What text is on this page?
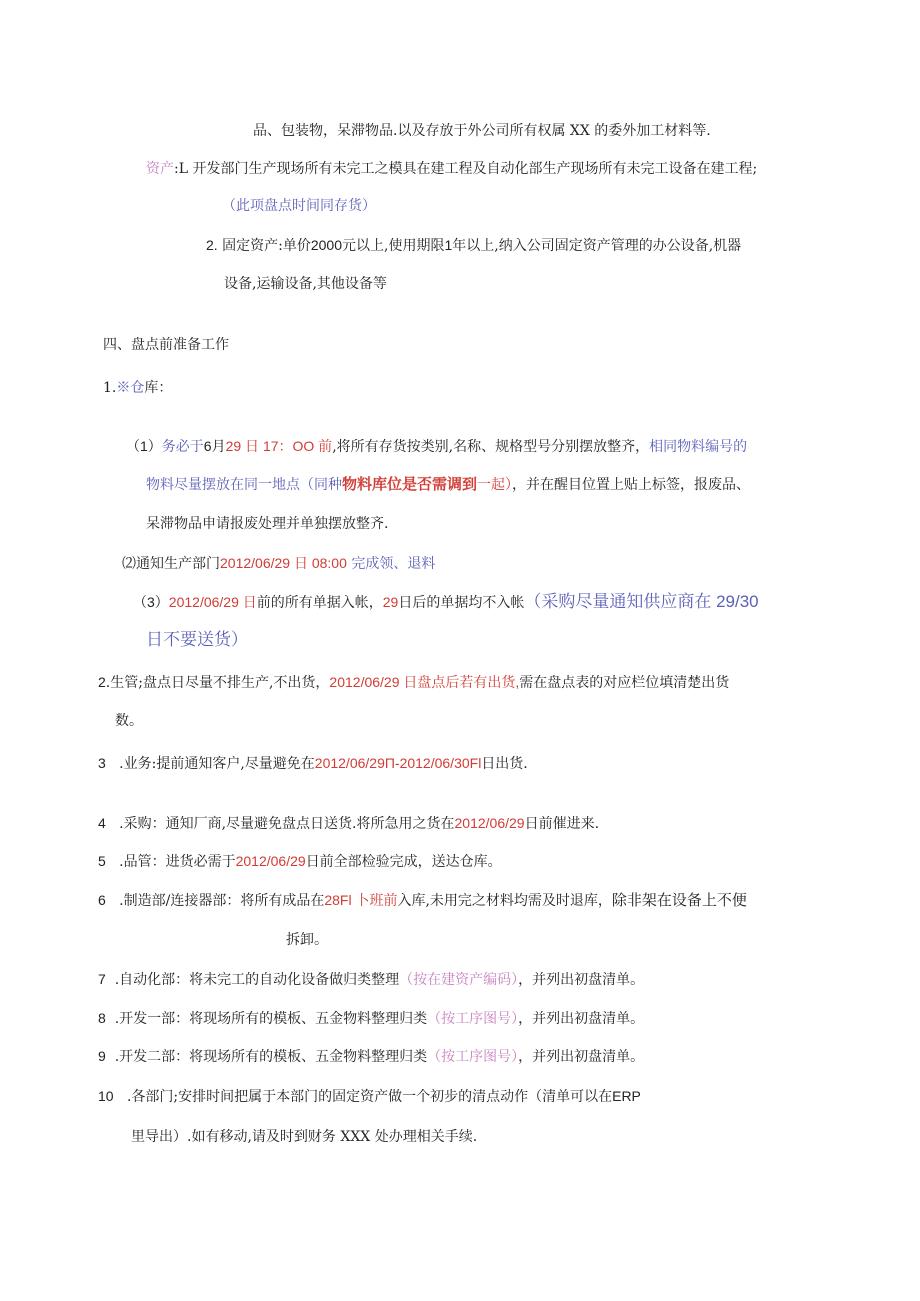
品、包装物，呆滞物品.以及存放于外公司所有权属 XX 的委外加工材料等.
资产:L 开发部门生产现场所有未完工之模具在建工程及自动化部生产现场所有未完工设备在建工程;
（此项盘点时间同存货）
2. 固定资产:单价2000元以上,使用期限1年以上,纳入公司固定资产管理的办公设备,机器
设备,运输设备,其他设备等
四、盘点前准备工作
1.※仓库：
（1）务必于6月29 日 17：OO 前,将所有存货按类别,名称、规格型号分别摆放整齐，相同物料编号的
物料尽量摆放在同一地点（同种物料库位是否需调到一起），并在醒目位置上贴上标签，报废品、
呆滞物品申请报废处理并单独摆放整齐.
⑵通知生产部门2012/06/29 日 08:00 完成领、退料
（3）2012/06/29 日前的所有单据入帐，29日后的单据均不入帐（采购尽量通知供应商在 29/30
日不要送货）
2.生管;盘点日尽量不排生产,不出货，2012/06/29 日盘点后若有出货,需在盘点表的对应栏位填清楚出货
数。
3 .业务:提前通知客户,尽量避免在2012/06/29П-2012/06/30Fl日出货.
4 .采购：通知厂商,尽量避免盘点日送货.将所急用之货在2012/06/29日前催进来.
5 .品管：进货必需于2012/06/29日前全部检验完成，送达仓库。
6 .制造部/连接器部：将所有成品在28Fl 卜班前入库,未用完之材料均需及时退库，除非架在设备上不便
拆卸。
7 .自动化部：将未完工的自动化设备做归类整理（按在建资产编码），并列出初盘清单。
8 .开发一部：将现场所有的模板、五金物料整理归类（按工序图号），并列出初盘清单。
9 .开发二部：将现场所有的模板、五金物料整理归类（按工序图号），并列出初盘清单。
10 .各部门;安排时间把属于本部门的固定资产做一个初步的清点动作（清单可以在ERP
里导出）.如有移动,请及时到财务 XXX 处办理相关手续.
